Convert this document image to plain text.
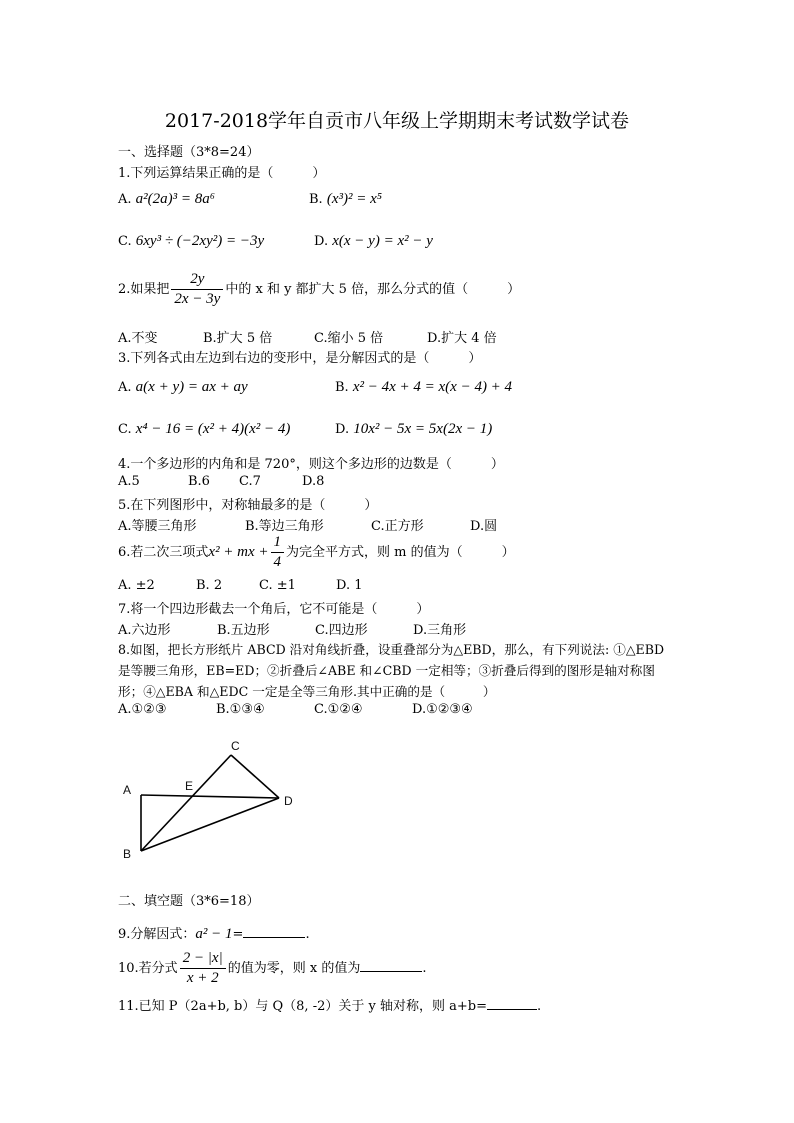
2017-2018学年自贡市八年级上学期期末考试数学试卷
一、选择题（3*8=24）
1.下列运算结果正确的是（　　　）
A. a²(2a)³ = 8a⁶	B. (x³)² = x⁵
C. 6xy³ ÷ (−2xy²) = −3y	D. x(x − y) = x² − y
2.如果把 $\frac{2y}{2x - 3y}$ 中的 x 和 y 都扩大 5 倍，那么分式的值（　　　）
A.不变	B.扩大 5 倍	C.缩小 5 倍	D.扩大 4 倍
3.下列各式由左边到右边的变形中，是分解因式的是（　　　）
A. a(x + y) = ax + ay	B. x² − 4x + 4 = x(x − 4) + 4
C. x⁴ − 16 = (x² + 4)(x² − 4)	D. 10x² − 5x = 5x(2x − 1)
4.一个多边形的内角和是 720°，则这个多边形的边数是（　　　）
A.5	B.6 C.7	D.8
5.在下列图形中，对称轴最多的是（　　　）
A.等腰三角形	B.等边三角形	C.正方形	D.圆
6.若二次三项式x² + mx + $\frac{1}{4}$ 为完全平方式，则 m 的值为（　　　）
A. ±2	B. 2	C. ±1	D. 1
7.将一个四边形截去一个角后，它不可能是（　　　）
A.六边形	B.五边形	C.四边形	D.三角形
8.如图，把长方形纸片 ABCD 沿对角线折叠，设重叠部分为△EBD，那么，有下列说法: ①△EBD
是等腰三角形，EB=ED；②折叠后∠ABE 和∠CBD 一定相等；③折叠后得到的图形是轴对称图
形；④△EBA 和△EDC 一定是全等三角形.其中正确的是（　　　）
A.①②③	B.①③④	C.①②④	D.①②③④
A
B
C
D
E
二、填空题（3*6=18）
9.分解因式：a² − 1=	.
10.若分式 $\frac{2 - |x|}{x + 2}$ 的值为零，则 x 的值为	.
11.已知 P（2a+b, b）与 Q（8, -2）关于 y 轴对称，则 a+b=	.
